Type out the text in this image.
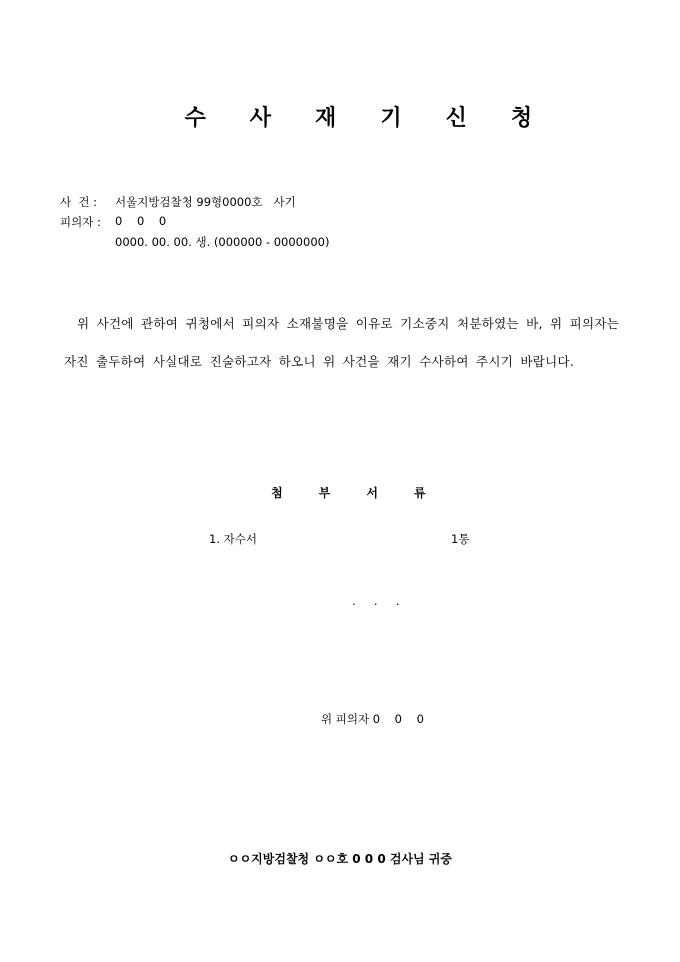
수 사 재 기 신 청

사  건 : 서울지방검찰청 99형0000호   사기
피의자 : 0    0    0
0000. 00. 00. 생. (000000 - 0000000)
위 사건에 관하여 귀청에서 피의자 소재불명을 이유로 기소중지 처분하였는 바, 위 피의자는
자진 출두하여 사실대로 진술하고자 하오니 위 사건을 재기 수사하여 주시기 바랍니다.

첨	부	서	류

1. 자수서	1통
.     .     .
위 피의자 0    0    0
ㅇㅇ지방검찰청 ㅇㅇ호 0 0 0 검사님 귀중
